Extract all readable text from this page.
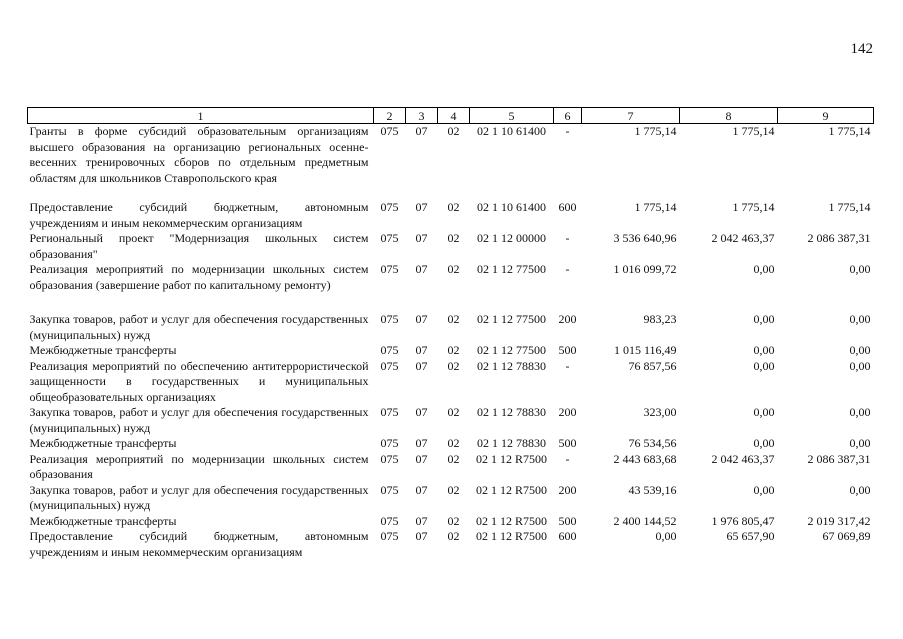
142
1	2	3	4	5	6	7	8	9
Гранты в форме субсидий образовательным организациям высшего образования на организацию региональных осенне-весенних тренировочных сборов по отдельным предметным областям для школьников Ставропольского края	075	07	02	02 1 10 61400	-	1 775,14	1 775,14	1 775,14

Предоставление субсидий бюджетным, автономным учреждениям и иным некоммерческим организациям	075	07	02	02 1 10 61400	600	1 775,14	1 775,14	1 775,14
Региональный проект "Модернизация школьных систем образования"	075	07	02	02 1 12 00000	-	3 536 640,96	2 042 463,37	2 086 387,31
Реализация мероприятий по модернизации школьных систем образования (завершение работ по капитальному ремонту)	075	07	02	02 1 12 77500	-	1 016 099,72	0,00	0,00

Закупка товаров, работ и услуг для обеспечения государственных (муниципальных) нужд	075	07	02	02 1 12 77500	200	983,23	0,00	0,00
Межбюджетные трансферты	075	07	02	02 1 12 77500	500	1 015 116,49	0,00	0,00
Реализация мероприятий по обеспечению антитеррористической защищенности в государственных и муниципальных общеобразовательных организациях	075	07	02	02 1 12 78830	-	76 857,56	0,00	0,00
Закупка товаров, работ и услуг для обеспечения государственных (муниципальных) нужд	075	07	02	02 1 12 78830	200	323,00	0,00	0,00
Межбюджетные трансферты	075	07	02	02 1 12 78830	500	76 534,56	0,00	0,00
Реализация мероприятий по модернизации школьных систем образования	075	07	02	02 1 12 R7500	-	2 443 683,68	2 042 463,37	2 086 387,31
Закупка товаров, работ и услуг для обеспечения государственных (муниципальных) нужд	075	07	02	02 1 12 R7500	200	43 539,16	0,00	0,00
Межбюджетные трансферты	075	07	02	02 1 12 R7500	500	2 400 144,52	1 976 805,47	2 019 317,42
Предоставление субсидий бюджетным, автономным учреждениям и иным некоммерческим организациям	075	07	02	02 1 12 R7500	600	0,00	65 657,90	67 069,89
